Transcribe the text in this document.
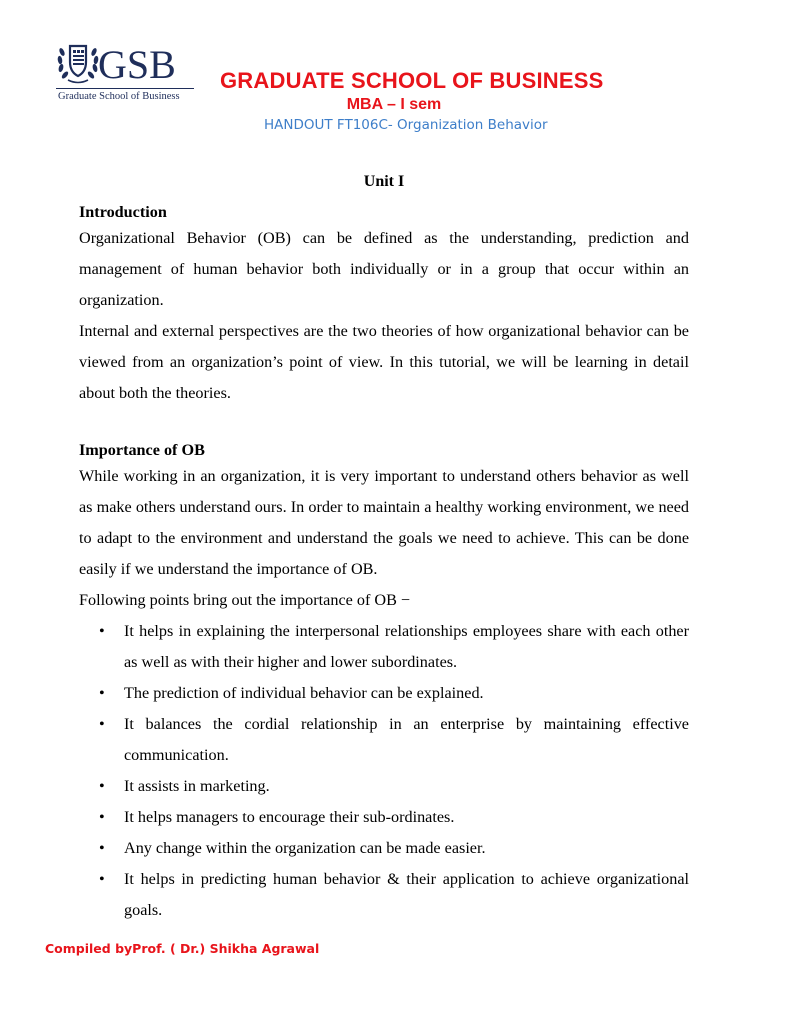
GSB
Graduate School of Business
GRADUATE SCHOOL OF BUSINESS
MBA – I sem
HANDOUT FT106C- Organization Behavior
Unit I

Introduction

Organizational Behavior (OB) can be defined as the understanding, prediction and management of human behavior both individually or in a group that occur within an organization.

Internal and external perspectives are the two theories of how organizational behavior can be viewed from an organization’s point of view. In this tutorial, we will be learning in detail about both the theories.

Importance of OB

While working in an organization, it is very important to understand others behavior as well as make others understand ours. In order to maintain a healthy working environment, we need to adapt to the environment and understand the goals we need to achieve. This can be done easily if we understand the importance of OB.

Following points bring out the importance of OB −

• It helps in explaining the interpersonal relationships employees share with each other as well as with their higher and lower subordinates.
• The prediction of individual behavior can be explained.
• It balances the cordial relationship in an enterprise by maintaining effective communication.
• It assists in marketing.
• It helps managers to encourage their sub-ordinates.
• Any change within the organization can be made easier.
• It helps in predicting human behavior & their application to achieve organizational goals.
Compiled byProf. ( Dr.) Shikha Agrawal
